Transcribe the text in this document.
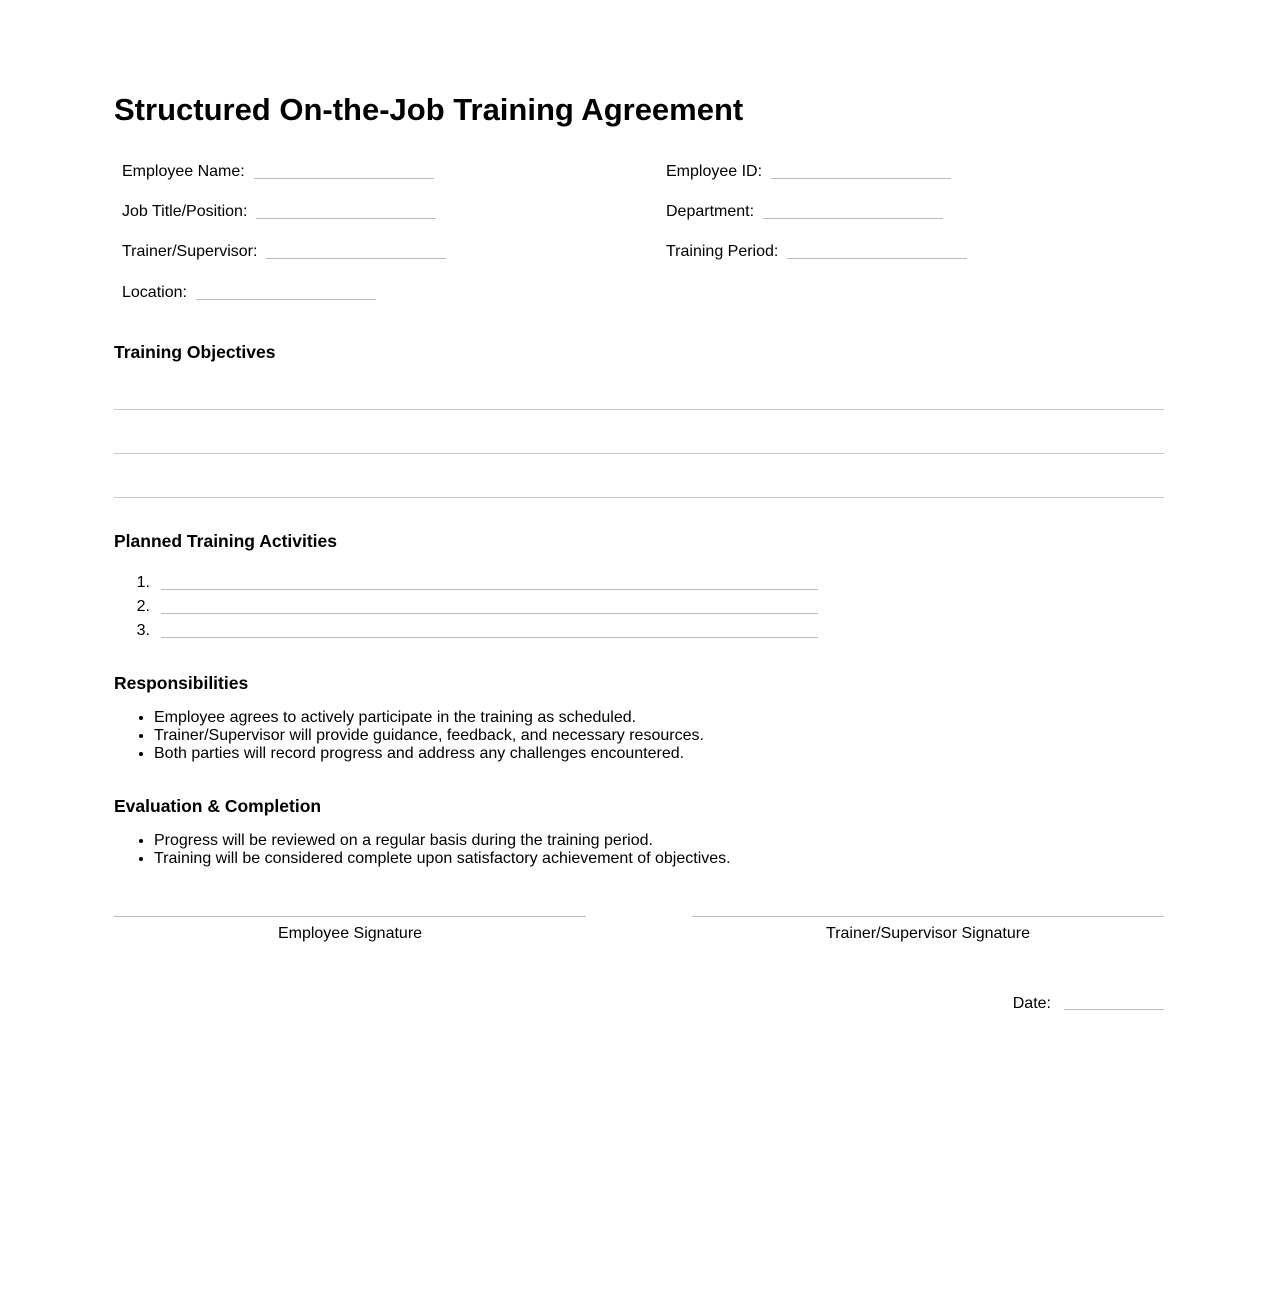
Structured On-the-Job Training Agreement
Employee Name:
Job Title/Position:
Trainer/Supervisor:
Location:
Employee ID:
Department:
Training Period:
Training Objectives
Planned Training Activities
1.
2.
3.
Responsibilities
• Employee agrees to actively participate in the training as scheduled.
• Trainer/Supervisor will provide guidance, feedback, and necessary resources.
• Both parties will record progress and address any challenges encountered.
Evaluation & Completion
• Progress will be reviewed on a regular basis during the training period.
• Training will be considered complete upon satisfactory achievement of objectives.
Employee Signature	Trainer/Supervisor Signature
Date:
